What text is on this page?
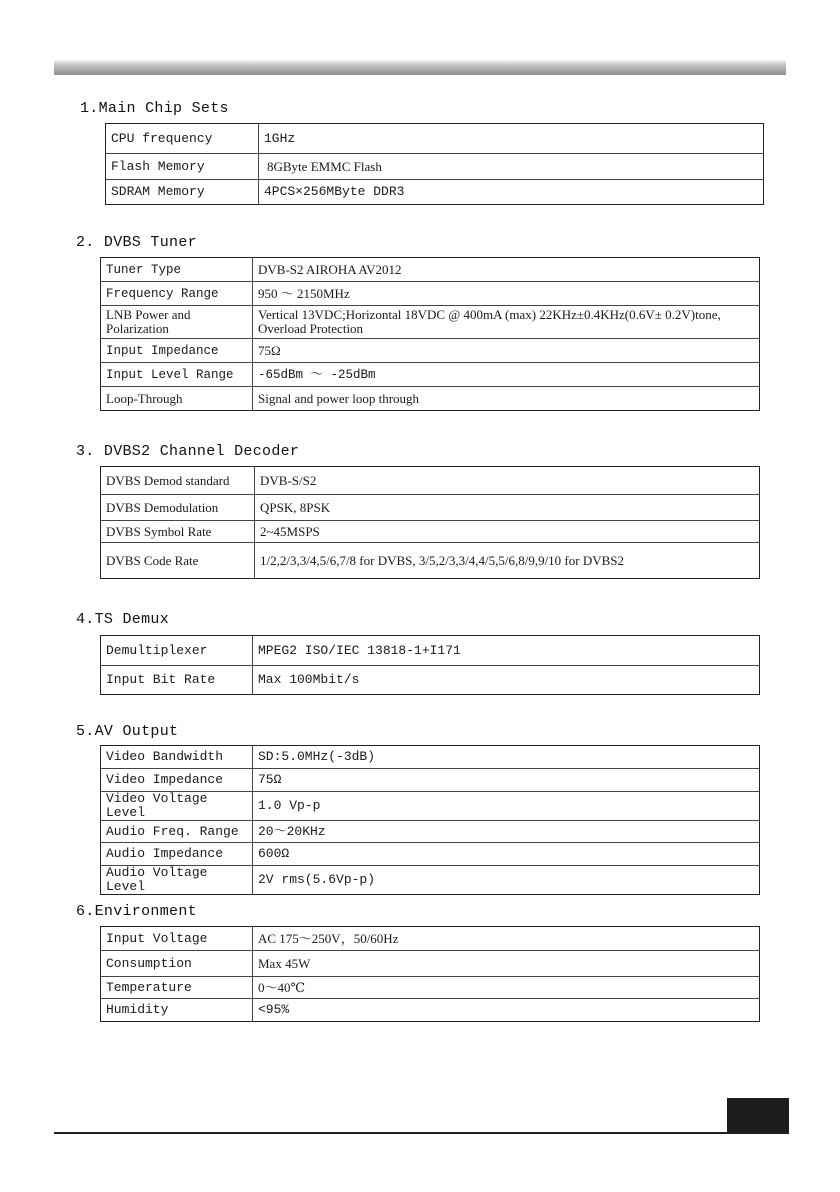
1.Main Chip Sets
CPU frequency	1GHz
Flash Memory	8GByte EMMC Flash
SDRAM Memory	4PCS×256MByte DDR3
2. DVBS Tuner
Tuner Type	DVB-S2 AIROHA AV2012
Frequency Range	950 ～ 2150MHz
LNB Power and Polarization	Vertical 13VDC;Horizontal 18VDC @ 400mA (max) 22KHz±0.4KHz(0.6V± 0.2V)tone, Overload Protection
Input Impedance	75Ω
Input Level Range	-65dBm ～ -25dBm
Loop-Through	Signal and power loop through
3. DVBS2 Channel Decoder
DVBS Demod standard	DVB-S/S2
DVBS Demodulation	QPSK, 8PSK
DVBS Symbol Rate	2~45MSPS
DVBS Code Rate	1/2,2/3,3/4,5/6,7/8 for DVBS, 3/5,2/3,3/4,4/5,5/6,8/9,9/10 for DVBS2
4.TS Demux
Demultiplexer	MPEG2 ISO/IEC 13818-1+I171
Input Bit Rate	Max 100Mbit/s
5.AV Output
Video Bandwidth	SD:5.0MHz(-3dB)
Video Impedance	75Ω
Video Voltage Level	1.0 Vp-p
Audio Freq. Range	20～20KHz
Audio Impedance	600Ω
Audio Voltage Level	2V rms(5.6Vp-p)
6.Environment
Input Voltage	AC 175～250V，50/60Hz
Consumption	Max 45W
Temperature	0～40℃
Humidity	<95%
